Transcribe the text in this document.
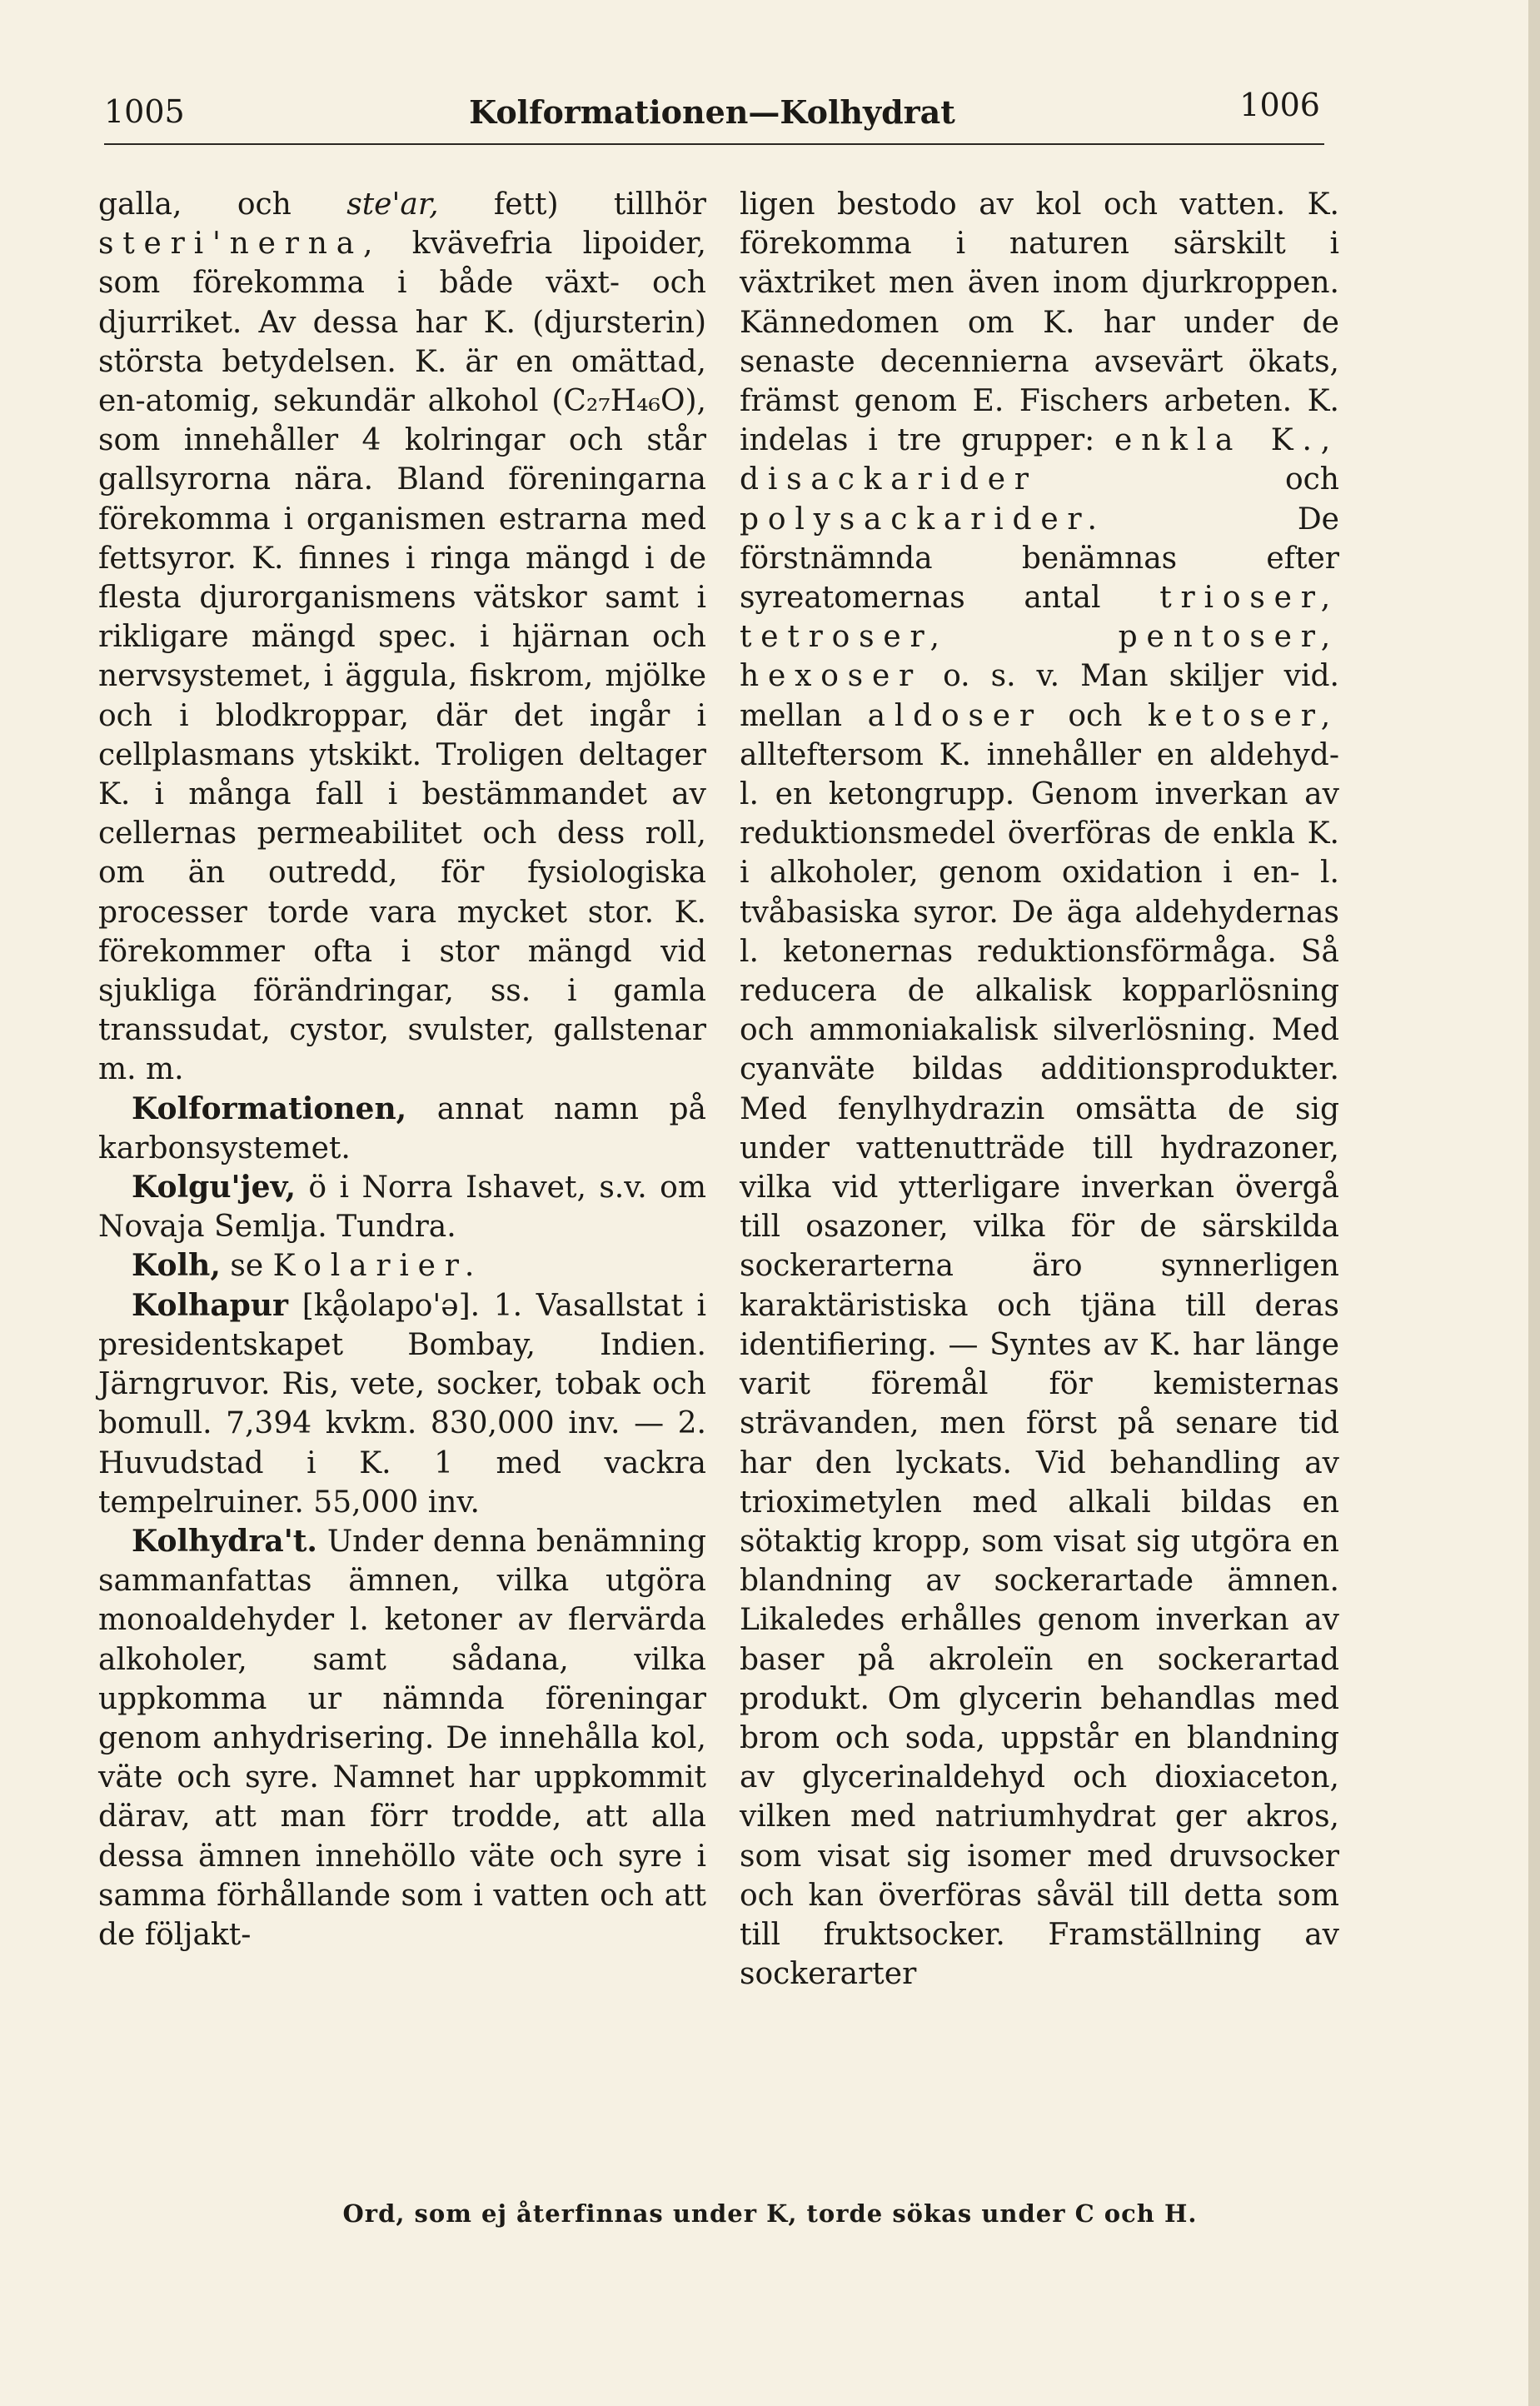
1005	Kolformationen—Kolhydrat	1006

galla, och ste'ar, fett) tillhör steri'nerna, kvävefria lipoider, som förekomma i både växt- och djurriket. Av dessa har K. (djursterin) största betydelsen. K. är en omättad, en-atomig, sekundär alkohol (C₂₇H₄₆O), som innehåller 4 kolringar och står gallsyrorna nära. Bland föreningarna förekomma i organismen estrarna med fettsyror. K. finnes i ringa mängd i de flesta djurorganismens vätskor samt i rikligare mängd spec. i hjärnan och nervsystemet, i äggula, fiskrom, mjölke och i blodkroppar, där det ingår i cellplasmans ytskikt. Troligen deltager K. i många fall i bestämmandet av cellernas permeabilitet och dess roll, om än outredd, för fysiologiska processer torde vara mycket stor. K. förekommer ofta i stor mängd vid sjukliga förändringar, ss. i gamla transsudat, cystor, svulster, gallstenar m. m.

Kolformationen, annat namn på karbonsystemet.

Kolgu'jev, ö i Norra Ishavet, s.v. om Novaja Semlja. Tundra.

Kolh, se Kolarier.

Kolhapur [kå̬olapo'ə]. 1. Vasallstat i presidentskapet Bombay, Indien. Järngruvor. Ris, vete, socker, tobak och bomull. 7,394 kvkm. 830,000 inv. — 2. Huvudstad i K. 1 med vackra tempelruiner. 55,000 inv.

Kolhydra't. Under denna benämning sammanfattas ämnen, vilka utgöra monoaldehyder l. ketoner av flervärda alkoholer, samt sådana, vilka uppkomma ur nämnda föreningar genom anhydrisering. De innehålla kol, väte och syre. Namnet har uppkommit därav, att man förr trodde, att alla dessa ämnen innehöllo väte och syre i samma förhållande som i vatten och att de följakt-

ligen bestodo av kol och vatten. K. förekomma i naturen särskilt i växtriket men även inom djurkroppen. Kännedomen om K. har under de senaste decennierna avsevärt ökats, främst genom E. Fischers arbeten. K. indelas i tre grupper: enkla K., disackarider och polysackarider. De förstnämnda benämnas efter syreatomernas antal trioser, tetroser,	pentoser, hexoser o. s. v. Man skiljer vid. mellan aldoser och ketoser, allteftersom K. innehåller en aldehyd- l. en ketongrupp. Genom inverkan av reduktionsmedel överföras de enkla K. i alkoholer, genom oxidation i en- l. tvåbasiska syror. De äga aldehydernas l. ketonernas reduktionsförmåga. Så reducera de alkalisk kopparlösning och ammoniakalisk silverlösning. Med cyanväte bildas additionsprodukter. Med fenylhydrazin omsätta de sig under vattenutträde till hydrazoner, vilka vid ytterligare inverkan övergå till osazoner, vilka för de särskilda sockerarterna äro synnerligen karaktäristiska och tjäna till deras identifiering. — Syntes av K. har länge varit föremål för kemisternas strävanden, men först på senare tid har den lyckats. Vid behandling av trioximetylen med alkali bildas en sötaktig kropp, som visat sig utgöra en blandning av sockerartade ämnen. Likaledes erhålles genom inverkan av baser på akroleïn en sockerartad produkt. Om glycerin behandlas med brom och soda, uppstår en blandning av glycerinaldehyd och dioxiaceton, vilken med natriumhydrat ger akros, som visat sig isomer med druvsocker och kan överföras såväl till detta som till fruktsocker. Framställning av sockerarter

Ord, som ej återfinnas under K, torde sökas under C och H.
